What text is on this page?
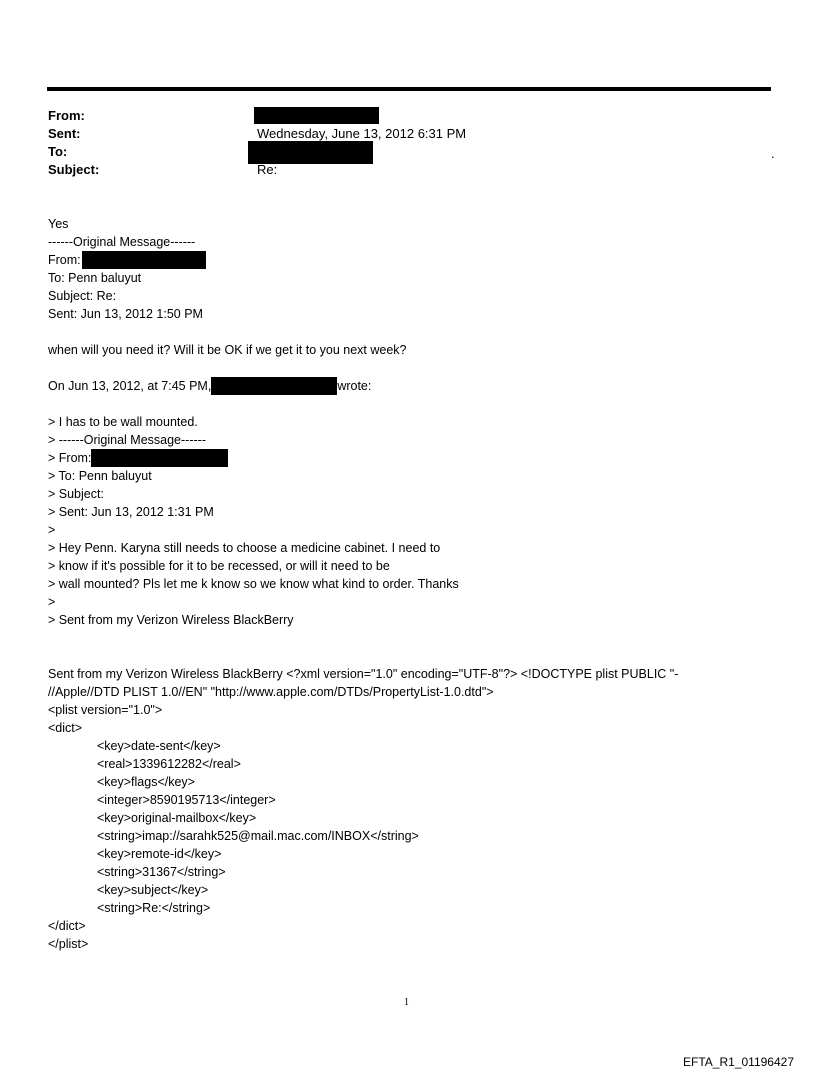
From:
Sent:	Wednesday, June 13, 2012 6:31 PM
To:	.
Subject:	Re:
Yes
------Original Message------
From:
To: Penn baluyut
Subject: Re:
Sent: Jun 13, 2012 1:50 PM
when will you need it? Will it be OK if we get it to you next week?
On Jun 13, 2012, at 7:45 PM,	wrote:
> I has to be wall mounted.
> ------Original Message------
> From:
> To: Penn baluyut
> Subject:
> Sent: Jun 13, 2012 1:31 PM
>
> Hey Penn. Karyna still needs to choose a medicine cabinet. I need to
> know if it's possible for it to be recessed, or will it need to be
> wall mounted? Pls let me k know so we know what kind to order. Thanks
>
> Sent from my Verizon Wireless BlackBerry
Sent from my Verizon Wireless BlackBerry <?xml version="1.0" encoding="UTF-8"?> <!DOCTYPE plist PUBLIC "-
//Apple//DTD PLIST 1.0//EN" "http://www.apple.com/DTDs/PropertyList-1.0.dtd">
<plist version="1.0">
<dict>
<key>date-sent</key>
<real>1339612282</real>
<key>flags</key>
<integer>8590195713</integer>
<key>original-mailbox</key>
<string>imap://sarahk525@mail.mac.com/INBOX</string>
<key>remote-id</key>
<string>31367</string>
<key>subject</key>
<string>Re:</string>
</dict>
</plist>
1
EFTA_R1_01196427
